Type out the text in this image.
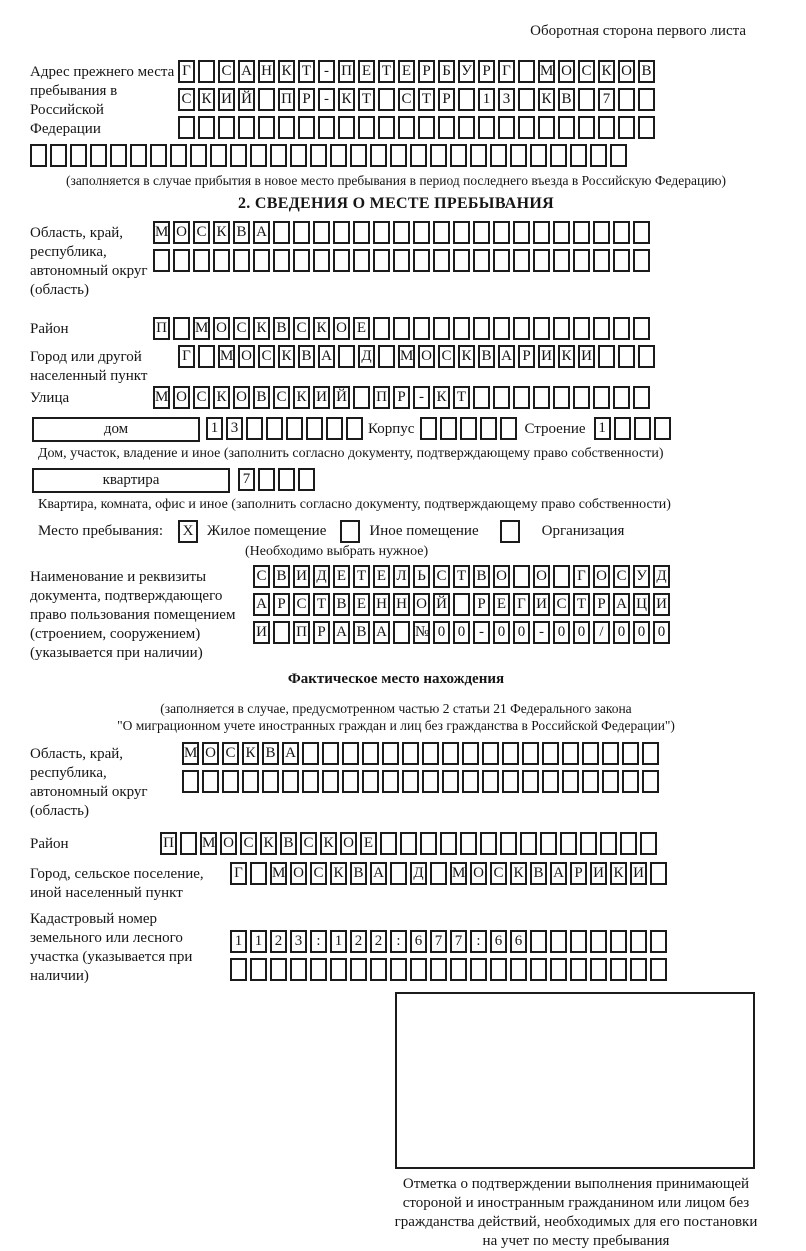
Оборотная сторона первого листа
Адрес прежнего места пребывания в Российской Федерации
Г С А Н К Т - П Е Т Е Р Б У Р Г М О С К О В
С К И Й П Р - К Т С Т Р	1 3	К В	7
(заполняется в случае прибытия в новое место пребывания в период последнего въезда в Российскую Федерацию)
2. СВЕДЕНИЯ О МЕСТЕ ПРЕБЫВАНИЯ
Область, край, республика, автономный округ (область)
М О С К В А
Район	П М О С К В С К О Е
Город или другой населенный пункт
Г М О С К В А Д М О С К В А Р И К И
Улица	М О С К О В С К И Й П Р - К Т
дом	1 3	Корпус	Строение 1
Дом, участок, владение и иное (заполнить согласно документу, подтверждающему право собственности)
квартира	7
Квартира, комната, офис и иное (заполнить согласно документу, подтверждающему право собственности)
Место пребывания:	X Жилое помещение	Иное помещение	Организация
(Необходимо выбрать нужное)
Наименование и реквизиты документа, подтверждающего право пользования помещением (строением, сооружением) (указывается при наличии)
С В И Д Е Т Е Л Ь С Т В О О Г О С У Д
А Р С Т В Е Н Н О Й Р Е Г И С Т Р А Ц И
И П Р А В А № 0 0 - 0 0 - 0 0 / 0 0 0
Фактическое место нахождения
(заполняется в случае, предусмотренном частью 2 статьи 21 Федерального закона
"О миграционном учете иностранных граждан и лиц без гражданства в Российской Федерации")
Область, край, республика, автономный округ (область)
М О С К В А
Район	П М О С К В С К О Е
Город, сельское поселение, иной населенный пункт
Г М О С К В А Д М О С К В А Р И К И
Кадастровый номер земельного или лесного участка (указывается при наличии)
1 1 2 3 : 1 2 2 : 6 7 7 : 6 6
Отметка о подтверждении выполнения принимающей
стороной и иностранным гражданином или лицом без
гражданства действий, необходимых для его постановки
на учет по месту пребывания
